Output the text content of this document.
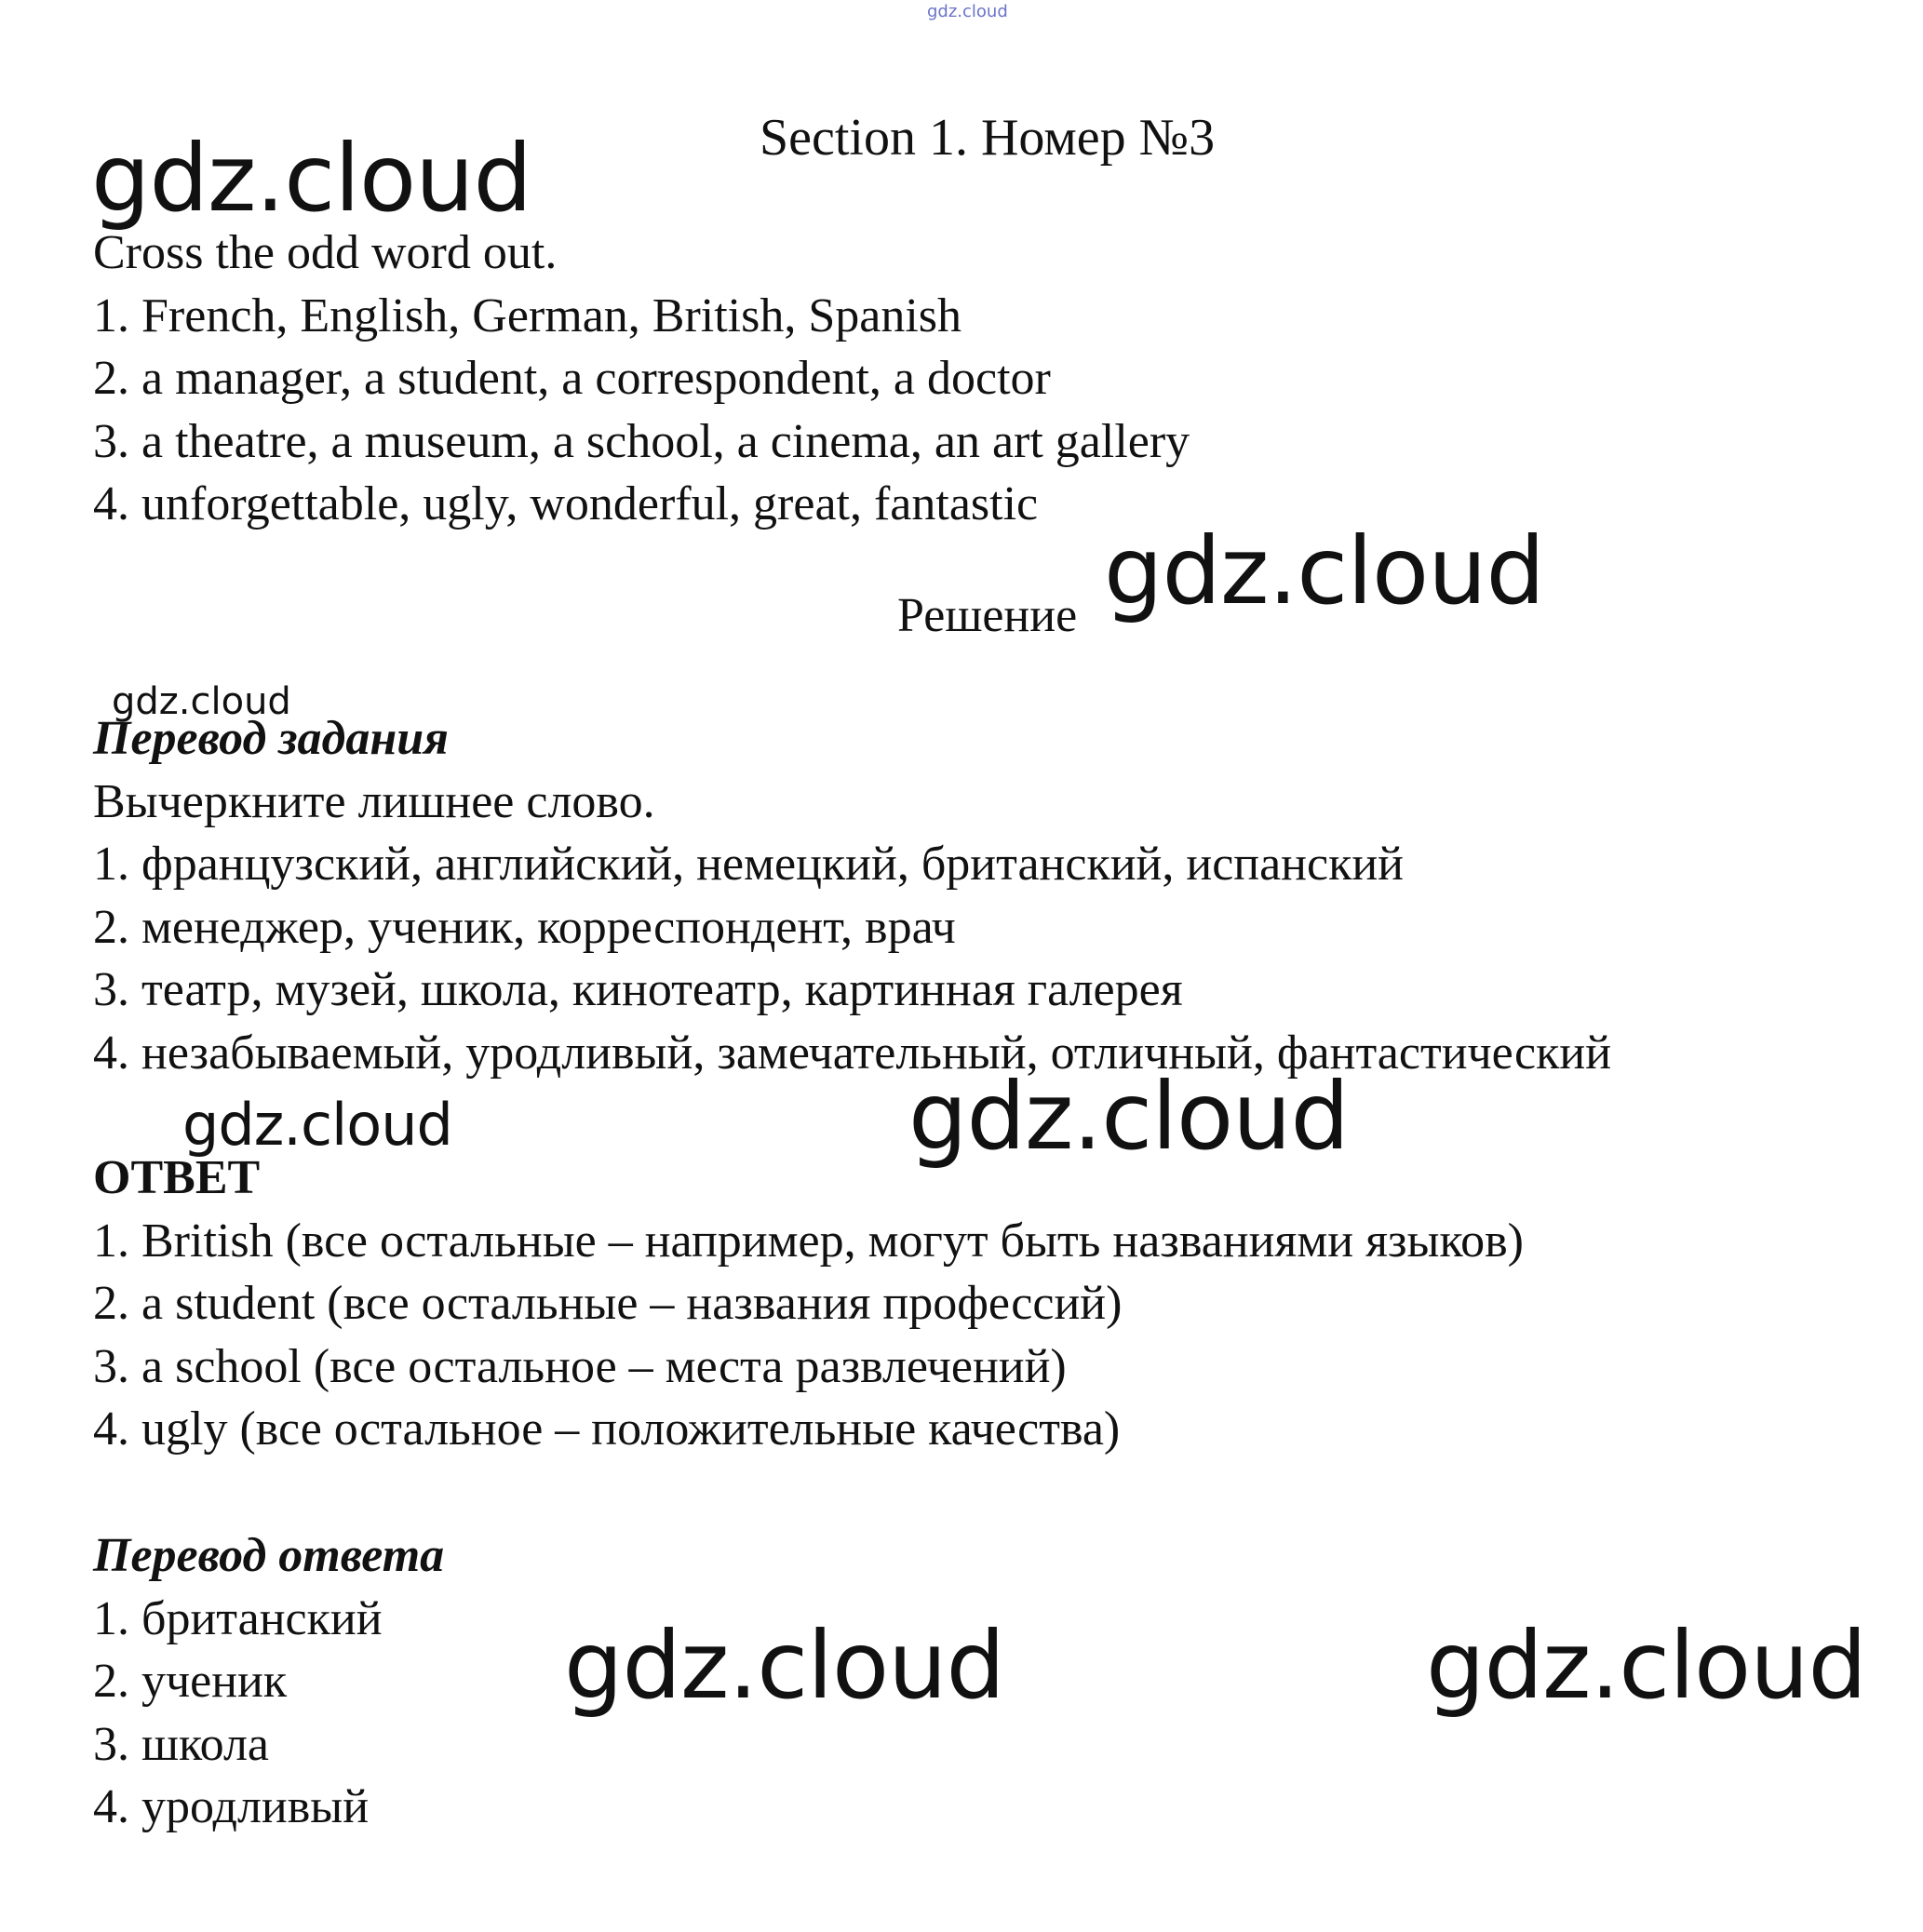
gdz.cloud
gdz.cloud
gdz.cloud
gdz.cloud
gdz.cloud	gdz.cloud
gdz.cloud	gdz.cloud
Section 1. Номер №3
Cross the odd word out.
1. French, English, German, British, Spanish
2. a manager, a student, a correspondent, a doctor
3. a theatre, a museum, a school, a cinema, an art gallery
4. unforgettable, ugly, wonderful, great, fantastic
Решение
Перевод задания
Вычеркните лишнее слово.
1. французский, английский, немецкий, британский, испанский
2. менеджер, ученик, корреспондент, врач
3. театр, музей, школа, кинотеатр, картинная галерея
4. незабываемый, уродливый, замечательный, отличный, фантастический
ОТВЕТ
1. British (все остальные – например, могут быть названиями языков)
2. a student (все остальные – названия профессий)
3. a school (все остальное – места развлечений)
4. ugly (все остальное – положительные качества)
Перевод ответа
1. британский
2. ученик
3. школа
4. уродливый
